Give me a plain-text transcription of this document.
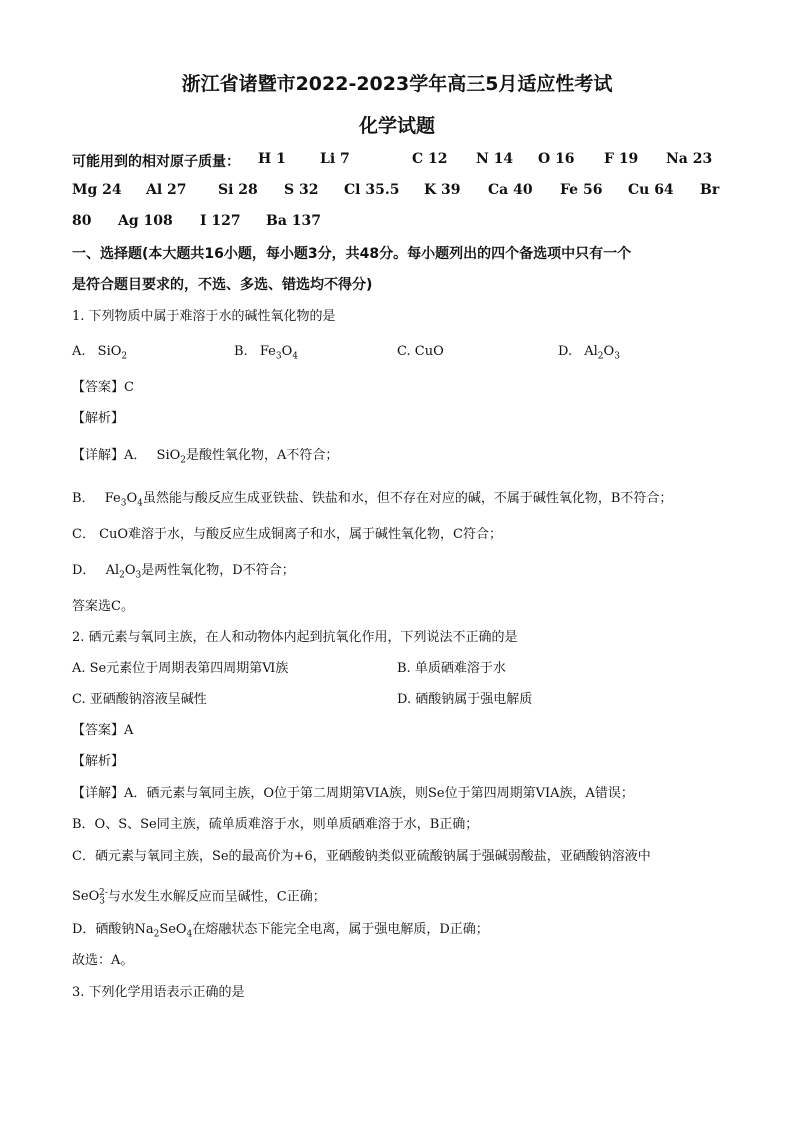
浙江省诸暨市2022-2023学年高三5月适应性考试
化学试题
可能用到的相对原子质量： H 1 Li 7	C 12 N 14 O 16 F 19 Na 23
Mg 24 Al 27 Si 28 S 32 Cl 35.5 K 39 Ca 40 Fe 56 Cu 64 Br
80 Ag 108 I 127 Ba 137
一、选择题(本大题共16小题，每小题3分，共48分。每小题列出的四个备选项中只有一个
是符合题目要求的，不选、多选、错选均不得分)
1. 下列物质中属于难溶于水的碱性氧化物的是
A. SiO$_2$	B. $Fe_3O_4$	C. CuO	D. $Al_2O_3$
【答案】C
【解析】
【详解】A． SiO$_2$是酸性氧化物，A不符合；
B． $Fe_3O_4$虽然能与酸反应生成亚铁盐、铁盐和水，但不存在对应的碱，不属于碱性氧化物，B不符合；
C． CuO难溶于水，与酸反应生成铜离子和水，属于碱性氧化物，C符合；
D． $Al_2O_3$是两性氧化物，D不符合；
答案选C。
2. 硒元素与氧同主族，在人和动物体内起到抗氧化作用，下列说法不正确的是
A. Se元素位于周期表第四周期第Ⅵ族	B. 单质硒难溶于水
C. 亚硒酸钠溶液呈碱性	D. 硒酸钠属于强电解质
【答案】A
【解析】
【详解】A．硒元素与氧同主族，O位于第二周期第VIA族，则Se位于第四周期第VIA族，A错误；
B．O、S、Se同主族，硫单质难溶于水，则单质硒难溶于水，B正确；
C．硒元素与氧同主族，Se的最高价为+6，亚硒酸钠类似亚硫酸钠属于强碱弱酸盐，亚硒酸钠溶液中
SeO$_3^{2-}$与水发生水解反应而呈碱性，C正确；
D．硒酸钠$Na_2SeO_4$在熔融状态下能完全电离，属于强电解质，D正确；
故选：A。
3. 下列化学用语表示正确的是
